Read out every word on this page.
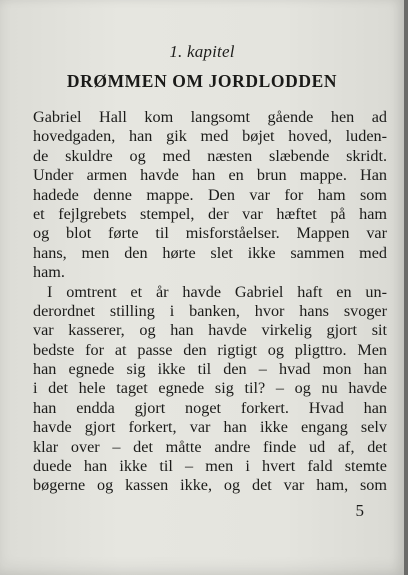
1. kapitel
DRØMMEN OM JORDLODDEN
Gabriel Hall kom langsomt gående hen ad
hovedgaden, han gik med bøjet hoved, luden-
de skuldre og med næsten slæbende skridt.
Under armen havde han en brun mappe. Han
hadede denne mappe. Den var for ham som
et fejlgrebets stempel, der var hæftet på ham
og blot førte til misforståelser. Mappen var
hans, men den hørte slet ikke sammen med
ham.
I omtrent et år havde Gabriel haft en un-
derordnet stilling i banken, hvor hans svoger
var kasserer, og han havde virkelig gjort sit
bedste for at passe den rigtigt og pligttro. Men
han egnede sig ikke til den – hvad mon han
i det hele taget egnede sig til? – og nu havde
han endda gjort noget forkert. Hvad han
havde gjort forkert, var han ikke engang selv
klar over – det måtte andre finde ud af, det
duede han ikke til – men i hvert fald stemte
bøgerne og kassen ikke, og det var ham, som
5
